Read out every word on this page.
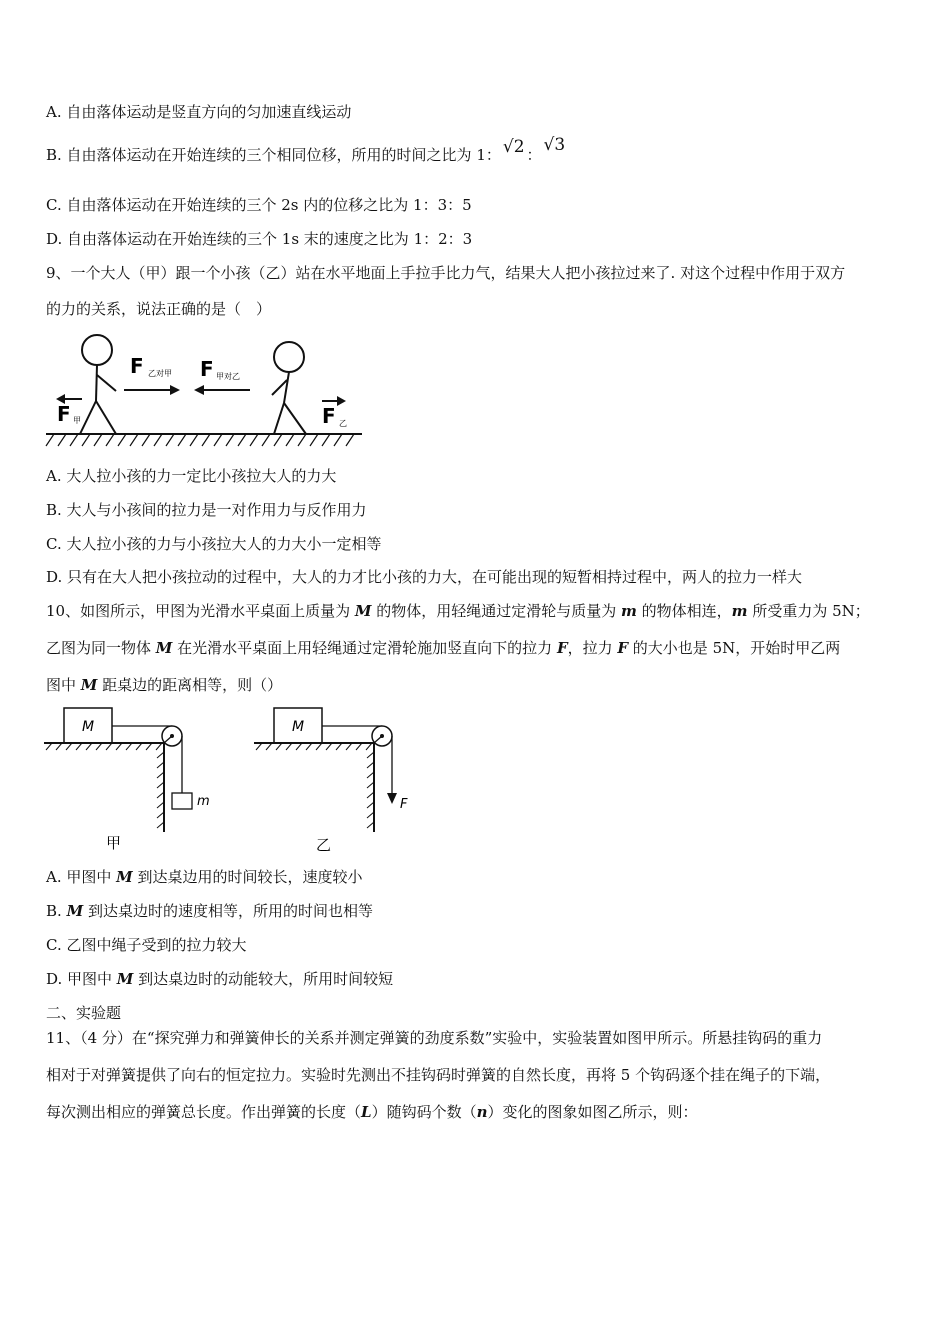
A. 自由落体运动是竖直方向的匀加速直线运动
B. 自由落体运动在开始连续的三个相同位移，所用的时间之比为 1： √2 ： √3
C. 自由落体运动在开始连续的三个 2s 内的位移之比为 1：3：5
D. 自由落体运动在开始连续的三个 1s 末的速度之比为 1：2：3
9、一个大人（甲）跟一个小孩（乙）站在水平地面上手拉手比力气，结果大人把小孩拉过来了. 对这个过程中作用于双方
的力的关系，说法正确的是（　）
F 乙对甲 F 甲对乙
F 甲	F 乙
A. 大人拉小孩的力一定比小孩拉大人的力大
B. 大人与小孩间的拉力是一对作用力与反作用力
C. 大人拉小孩的力与小孩拉大人的力大小一定相等
D. 只有在大人把小孩拉动的过程中，大人的力才比小孩的力大，在可能出现的短暂相持过程中，两人的拉力一样大
10、如图所示，甲图为光滑水平桌面上质量为 M 的物体，用轻绳通过定滑轮与质量为 m 的物体相连，m 所受重力为 5N；
乙图为同一物体 M 在光滑水平桌面上用轻绳通过定滑轮施加竖直向下的拉力 F，拉力 F 的大小也是 5N，开始时甲乙两
图中 M 距桌边的距离相等，则（）
M
m
甲
M
F
乙
A. 甲图中 M 到达桌边用的时间较长，速度较小
B. M 到达桌边时的速度相等，所用的时间也相等
C. 乙图中绳子受到的拉力较大
D. 甲图中 M 到达桌边时的动能较大，所用时间较短
二、实验题
11、（4 分）在“探究弹力和弹簧伸长的关系并测定弹簧的劲度系数”实验中，实验装置如图甲所示。所悬挂钩码的重力
相对于对弹簧提供了向右的恒定拉力。实验时先测出不挂钩码时弹簧的自然长度，再将 5 个钩码逐个挂在绳子的下端，
每次测出相应的弹簧总长度。作出弹簧的长度（L）随钩码个数（n）变化的图象如图乙所示，则：
